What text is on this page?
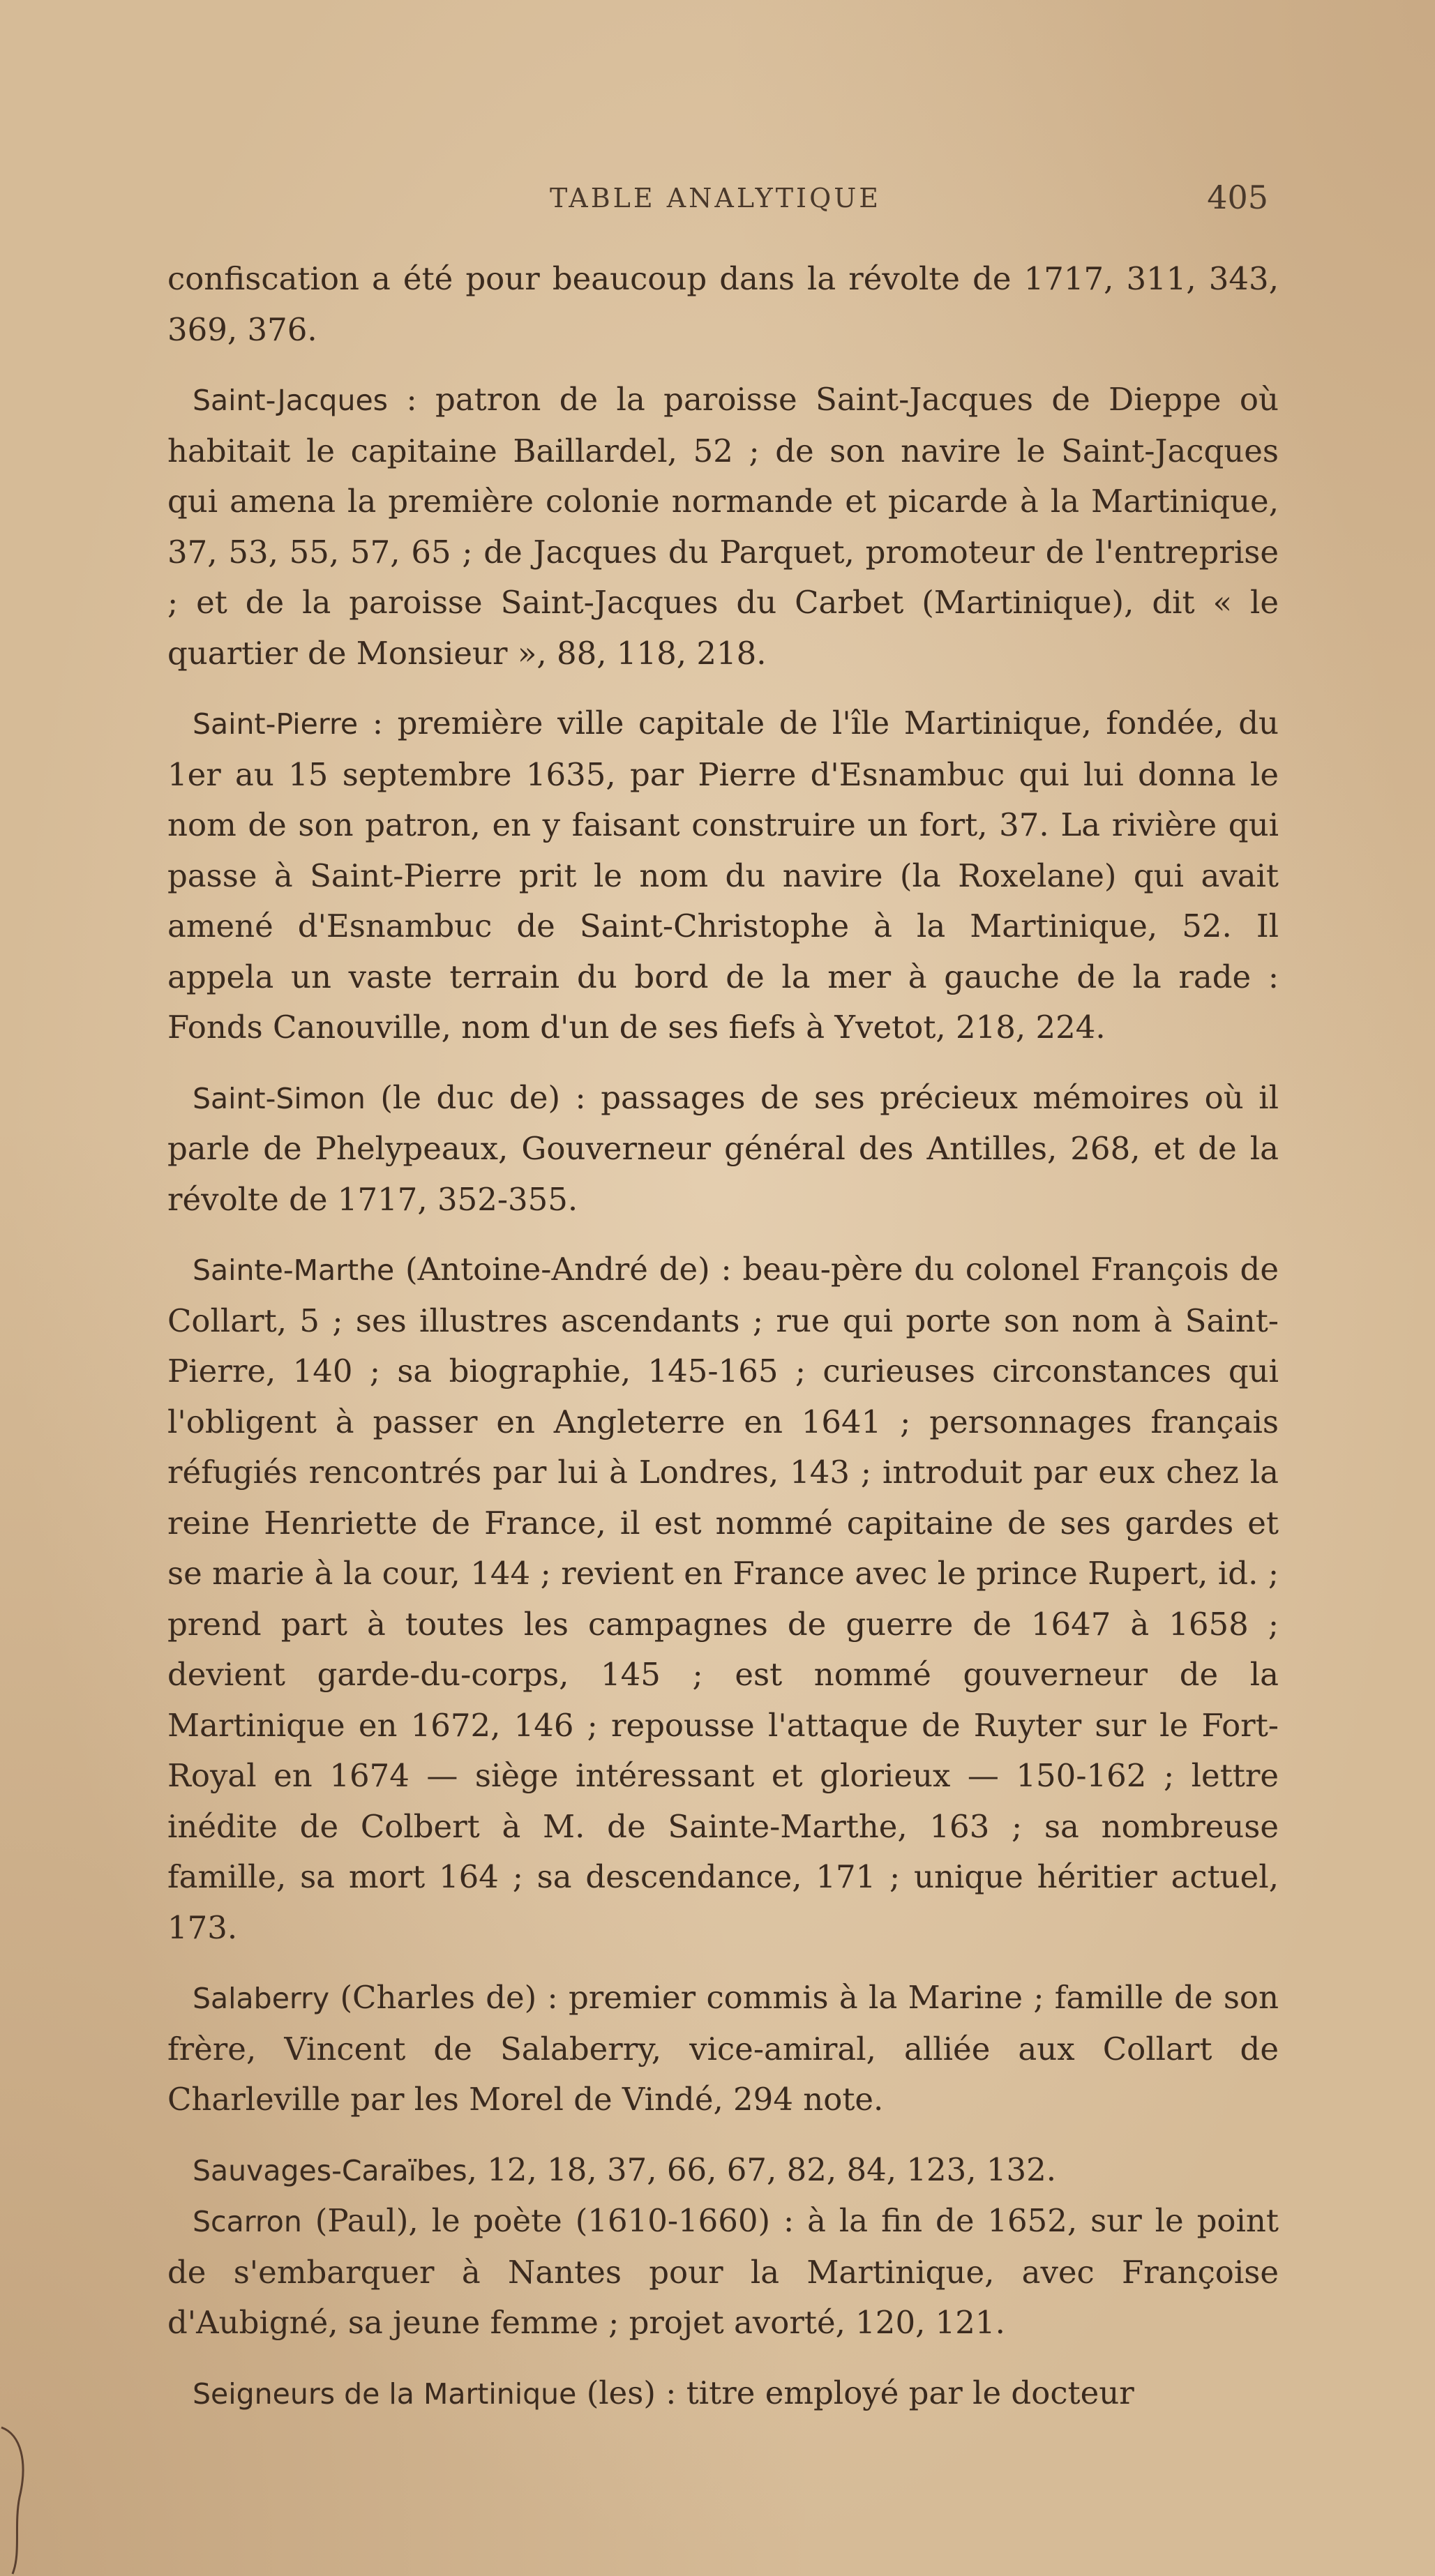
TABLE ANALYTIQUE	405

confiscation a été pour beaucoup dans la révolte de 1717, 311, 343, 369, 376.

Saint-Jacques : patron de la paroisse Saint-Jacques de Dieppe où habitait le capitaine Baillardel, 52 ; de son navire le Saint-Jacques qui amena la première colonie normande et picarde à la Martinique, 37, 53, 55, 57, 65 ; de Jacques du Parquet, promoteur de l'entreprise ; et de la paroisse Saint-Jacques du Carbet (Martinique), dit « le quartier de Monsieur », 88, 118, 218.

Saint-Pierre : première ville capitale de l'île Martinique, fondée, du 1er au 15 septembre 1635, par Pierre d'Esnambuc qui lui donna le nom de son patron, en y faisant construire un fort, 37. La rivière qui passe à Saint-Pierre prit le nom du navire (la Roxelane) qui avait amené d'Esnambuc de Saint-Christophe à la Martinique, 52. Il appela un vaste terrain du bord de la mer à gauche de la rade : Fonds Canouville, nom d'un de ses fiefs à Yvetot, 218, 224.

Saint-Simon (le duc de) : passages de ses précieux mémoires où il parle de Phelypeaux, Gouverneur général des Antilles, 268, et de la révolte de 1717, 352-355.

Sainte-Marthe (Antoine-André de) : beau-père du colonel François de Collart, 5 ; ses illustres ascendants ; rue qui porte son nom à Saint-Pierre, 140 ; sa biographie, 145-165 ; curieuses circonstances qui l'obligent à passer en Angleterre en 1641 ; personnages français réfugiés rencontrés par lui à Londres, 143 ; introduit par eux chez la reine Henriette de France, il est nommé capitaine de ses gardes et se marie à la cour, 144 ; revient en France avec le prince Rupert, id. ; prend part à toutes les campagnes de guerre de 1647 à 1658 ; devient garde-du-corps, 145 ; est nommé gouverneur de la Martinique en 1672, 146 ; repousse l'attaque de Ruyter sur le Fort-Royal en 1674 — siège intéressant et glorieux — 150-162 ; lettre inédite de Colbert à M. de Sainte-Marthe, 163 ; sa nombreuse famille, sa mort 164 ; sa descendance, 171 ; unique héritier actuel, 173.

Salaberry (Charles de) : premier commis à la Marine ; famille de son frère, Vincent de Salaberry, vice-amiral, alliée aux Collart de Charleville par les Morel de Vindé, 294 note.

Sauvages-Caraïbes, 12, 18, 37, 66, 67, 82, 84, 123, 132.

Scarron (Paul), le poète (1610-1660) : à la fin de 1652, sur le point de s'embarquer à Nantes pour la Martinique, avec Françoise d'Aubigné, sa jeune femme ; projet avorté, 120, 121.

Seigneurs de la Martinique (les) : titre employé par le docteur
